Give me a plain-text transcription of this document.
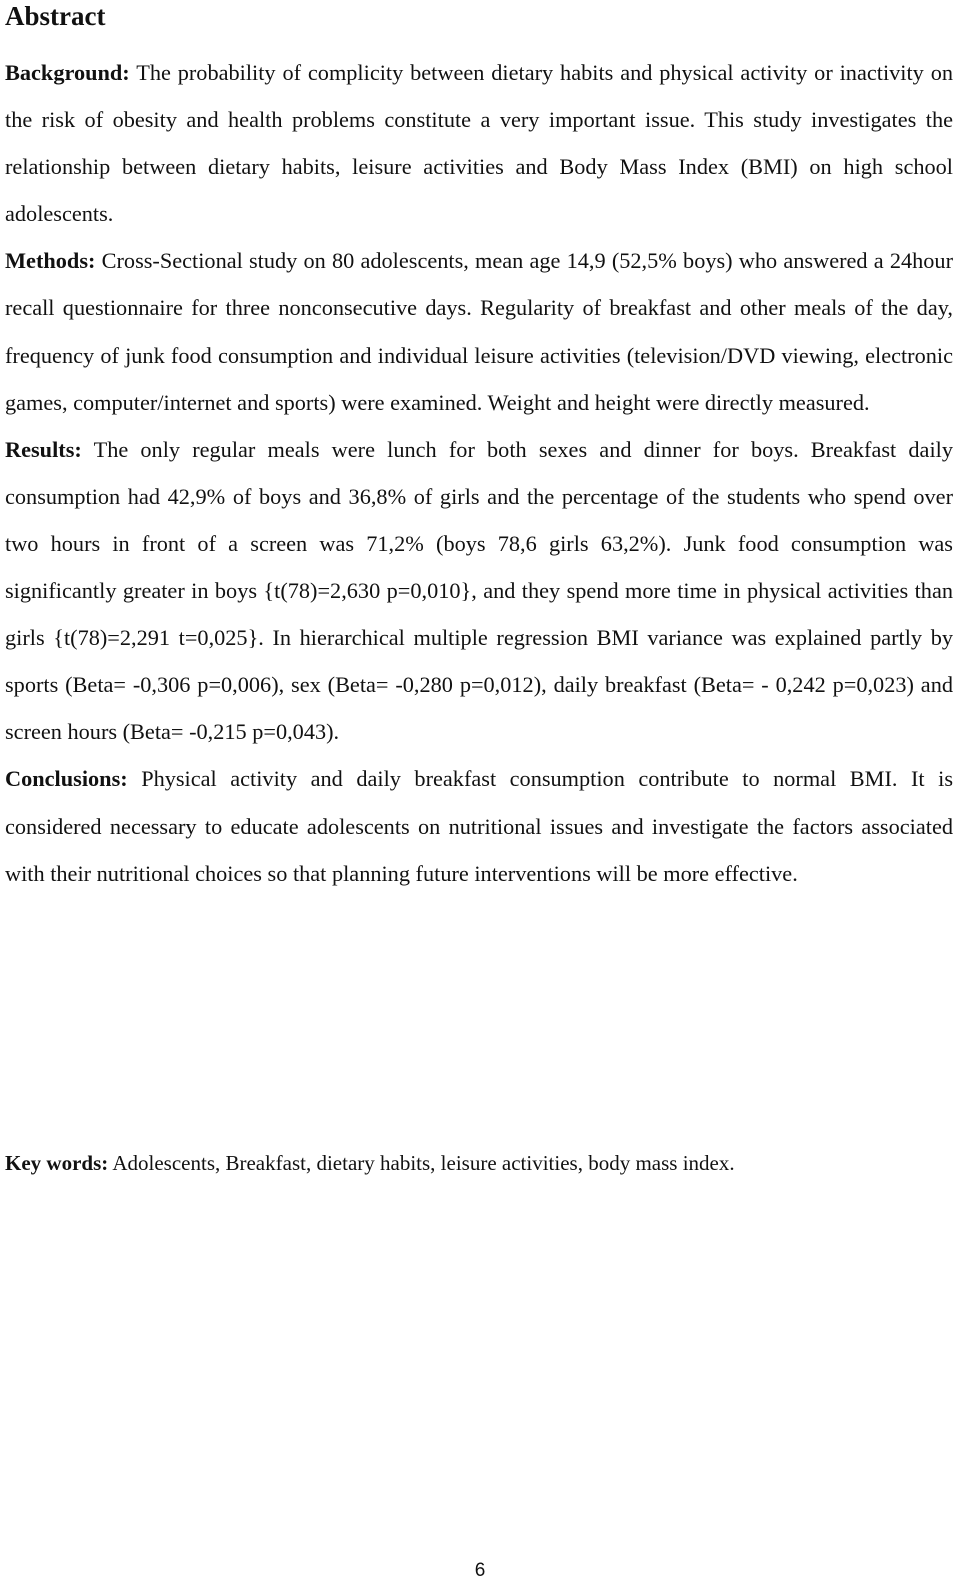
Abstract

Background: The probability of complicity between dietary habits and physical activity or inactivity on the risk of obesity and health problems constitute a very important issue. This study investigates the relationship between dietary habits, leisure activities and Body Mass Index (BMI) on high school adolescents.

Methods: Cross-Sectional study on 80 adolescents, mean age 14,9 (52,5% boys) who answered a 24hour recall questionnaire for three nonconsecutive days. Regularity of breakfast and other meals of the day, frequency of junk food consumption and individual leisure activities (television/DVD viewing, electronic games, computer/internet and sports) were examined. Weight and height were directly measured.

Results: The only regular meals were lunch for both sexes and dinner for boys. Breakfast daily consumption had 42,9% of boys and 36,8% of girls and the percentage of the students who spend over two hours in front of a screen was 71,2% (boys 78,6 girls 63,2%). Junk food consumption was significantly greater in boys {t(78)=2,630 p=0,010}, and they spend more time in physical activities than girls {t(78)=2,291 t=0,025}. In hierarchical multiple regression BMI variance was explained partly by sports (Beta= -0,306 p=0,006), sex (Beta= -0,280 p=0,012), daily breakfast (Beta= - 0,242 p=0,023) and screen hours (Beta= -0,215 p=0,043).

Conclusions: Physical activity and daily breakfast consumption contribute to normal BMI. It is considered necessary to educate adolescents on nutritional issues and investigate the factors associated with their nutritional choices so that planning future interventions will be more effective.

Key words: Adolescents, Breakfast, dietary habits, leisure activities, body mass index.

6
